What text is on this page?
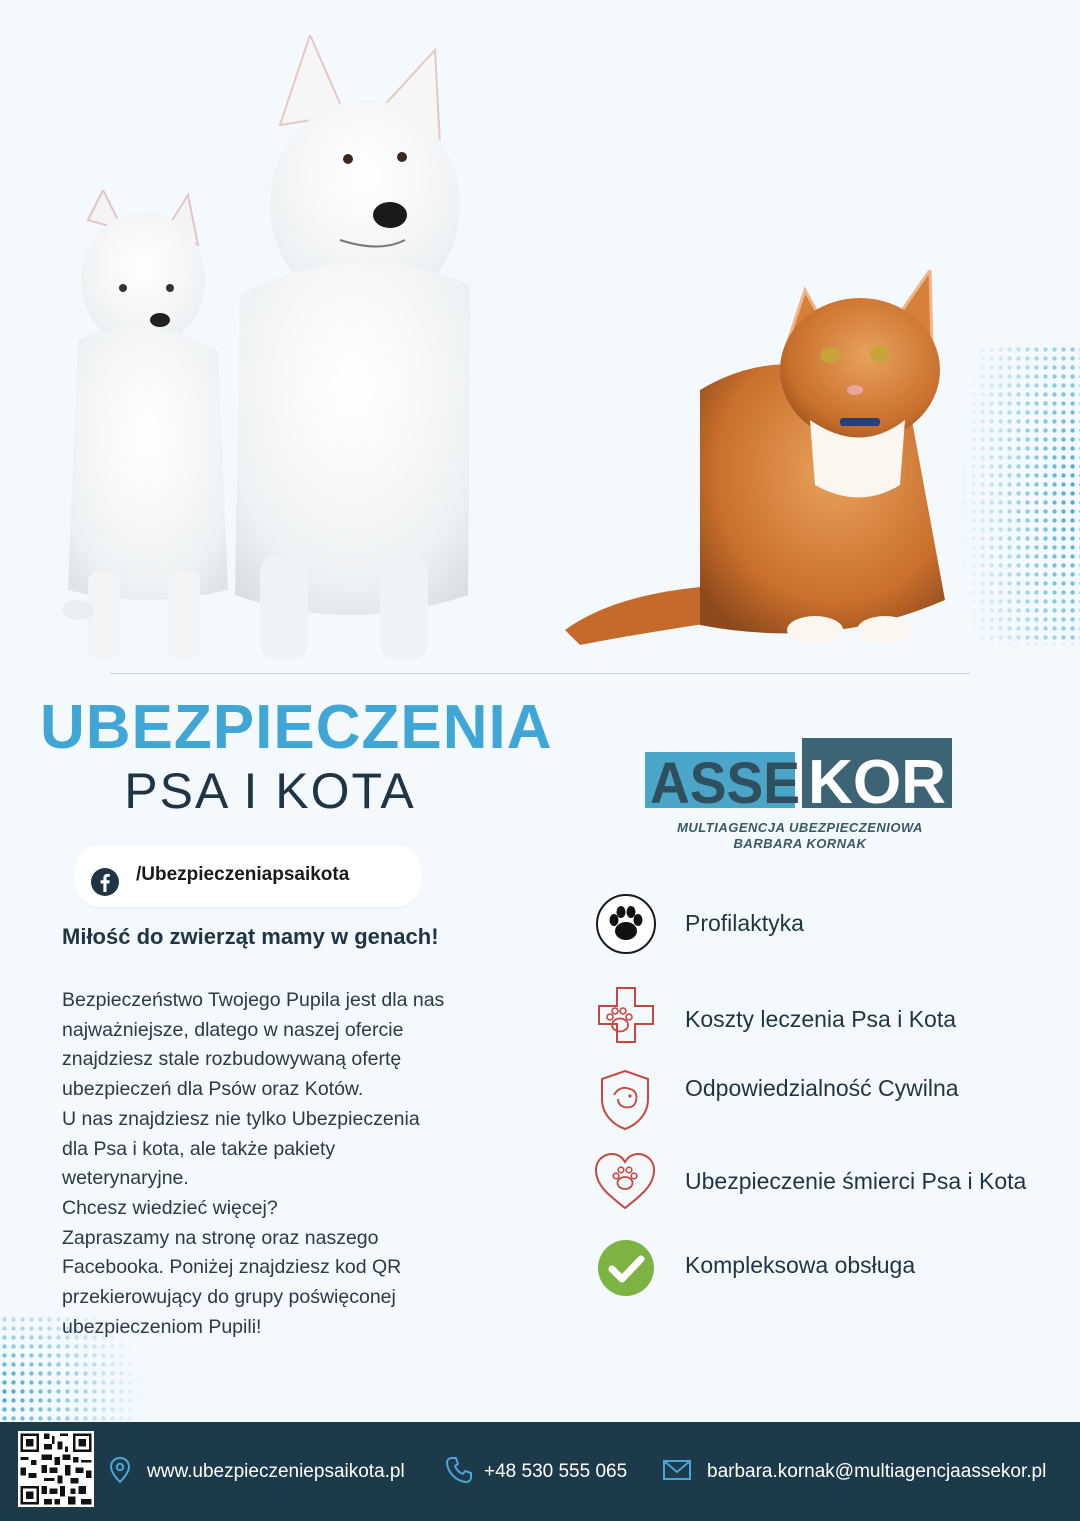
UBEZPIECZENIA
PSA I KOTA	ASSE KOR
MULTIAGENCJA UBEZPIECZENIOWA
BARBARA KORNAK
/Ubezpieczeniapsaikota
Miłość do zwierząt mamy w genach!

Bezpieczeństwo Twojego Pupila jest dla nas

najważniejsze, dlatego w naszej ofercie

znajdziesz stale rozbudowywaną ofertę

ubezpieczeń dla Psów oraz Kotów.

U nas znajdziesz nie tylko Ubezpieczenia

dla Psa i kota, ale także pakiety

weterynaryjne.

Chcesz wiedzieć więcej?

Zapraszamy na stronę oraz naszego

Facebooka. Poniżej znajdziesz kod QR

przekierowujący do grupy poświęconej

ubezpieczeniom Pupili!

Profilaktyka
Koszty leczenia Psa i Kota
Odpowiedzialność Cywilna
Ubezpieczenie śmierci Psa i Kota
Kompleksowa obsługa
www.ubezpieczeniepsaikota.pl	+48 530 555 065	barbara.kornak@multiagencjaassekor.pl
